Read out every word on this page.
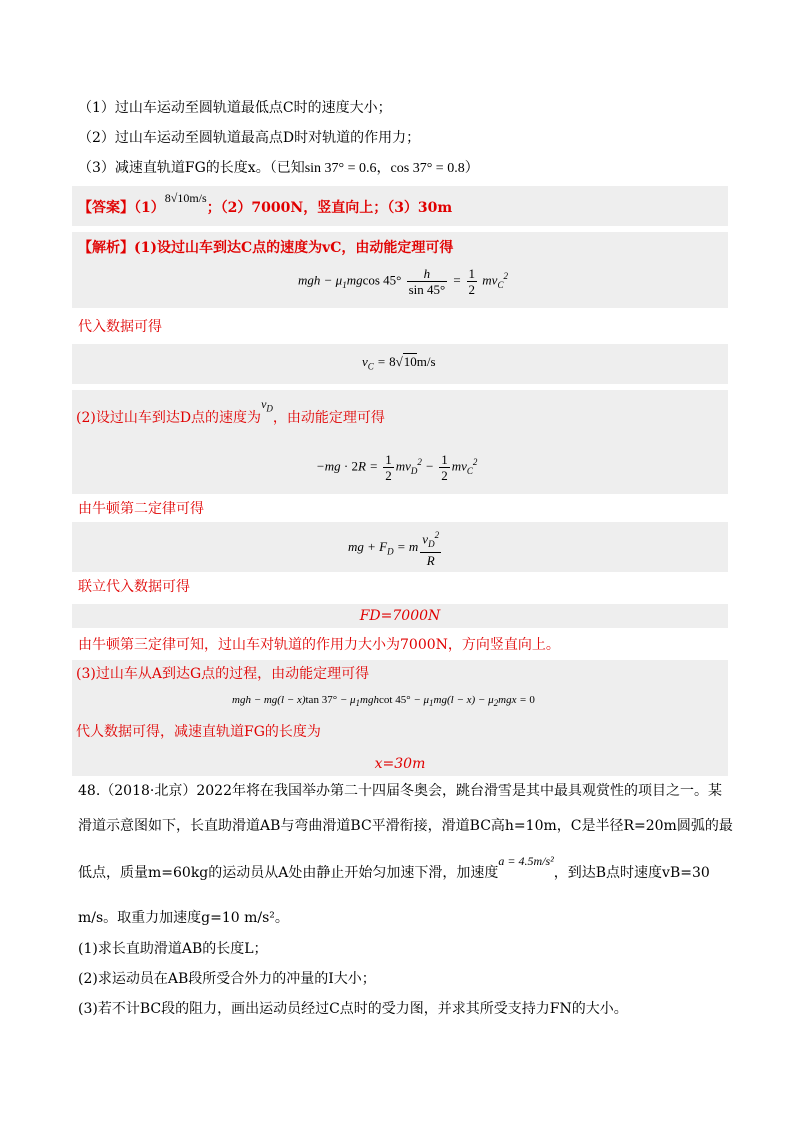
（1）过山车运动至圆轨道最低点C时的速度大小；
（2）过山车运动至圆轨道最高点D时对轨道的作用力；
（3）减速直轨道FG的长度x。（已知sin 37° = 0.6，cos 37° = 0.8）
【答案】（1）8√10m/s；（2）7000N，竖直向上；（3）30m
【解析】(1)设过山车到达C点的速度为vC，由动能定理可得
mgh − $\mu_1mgcos$ $45^\circ \frac{h}{\sin 45^\circ} = \frac{1}{2} mv_C^2$
代入数据可得
$v_C = 8√10m/s$
(2)设过山车到达D点的速度为$v_D$，由动能定理可得
$-mg \cdot 2R = \frac{1}{2} mv_D^2 - \frac{1}{2} mv_C^2$
由牛顿第二定律可得
mg + $F_D = m \frac{v_D^2}{R}$
联立代入数据可得
FD=7000N
由牛顿第三定律可知，过山车对轨道的作用力大小为7000N，方向竖直向上。
(3)过山车从A到达G点的过程，由动能定理可得
mgh − mg(l − x)tan $37^\circ - \mu_1mghcot$ $45^\circ - \mu_1mg(l - x) - \mu_2mgx = 0$
代人数据可得，减速直轨道FG的长度为
x=30m
48.（2018·北京）2022年将在我国举办第二十四届冬奥会，跳台滑雪是其中最具观赏性的项目之一。某
滑道示意图如下，长直助滑道AB与弯曲滑道BC平滑衔接，滑道BC高h=10m，C是半径R=20m圆弧的最
低点，质量m=60kg的运动员从A处由静止开始匀加速下滑，加速度a = 4.5m/s²，到达B点时速度vB=30
m/s。取重力加速度g=10 m/s²。
(1)求长直助滑道AB的长度L；
(2)求运动员在AB段所受合外力的冲量的I大小；
(3)若不计BC段的阻力，画出运动员经过C点时的受力图，并求其所受支持力FN的大小。
